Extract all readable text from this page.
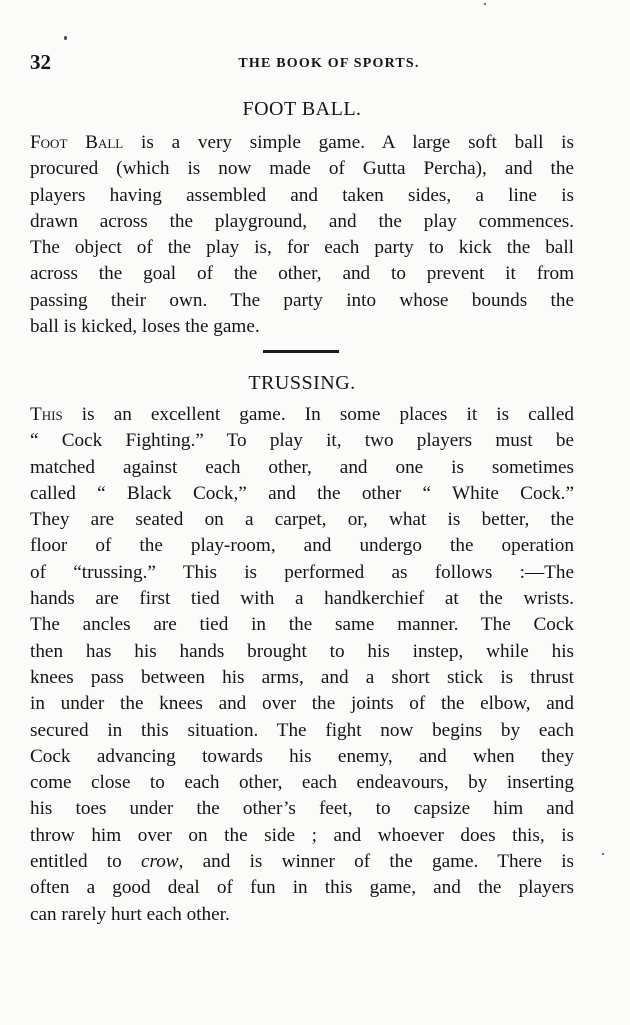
32	THE BOOK OF SPORTS.
FOOT BALL.
Foot Ball is a very simple game. A large soft ball is
procured (which is now made of Gutta Percha), and the
players having assembled and taken sides, a line is
drawn across the playground, and the play commences.
The object of the play is, for each party to kick the ball
across the goal of the other, and to prevent it from
passing their own. The party into whose bounds the
ball is kicked, loses the game.
TRUSSING.
This is an excellent game. In some places it is called
“ Cock Fighting.” To play it, two players must be
matched against each other, and one is sometimes
called “ Black Cock,” and the other “ White Cock.”
They are seated on a carpet, or, what is better, the
floor of the play-room, and undergo the operation
of “trussing.” This is performed as follows :—The
hands are first tied with a handkerchief at the wrists.
The ancles are tied in the same manner. The Cock
then has his hands brought to his instep, while his
knees pass between his arms, and a short stick is thrust
in under the knees and over the joints of the elbow, and
secured in this situation. The fight now begins by each
Cock advancing towards his enemy, and when they
come close to each other, each endeavours, by inserting
his toes under the other’s feet, to capsize him and
throw him over on the side ; and whoever does this, is
entitled to crow, and is winner of the game. There is
often a good deal of fun in this game, and the players
can rarely hurt each other.
